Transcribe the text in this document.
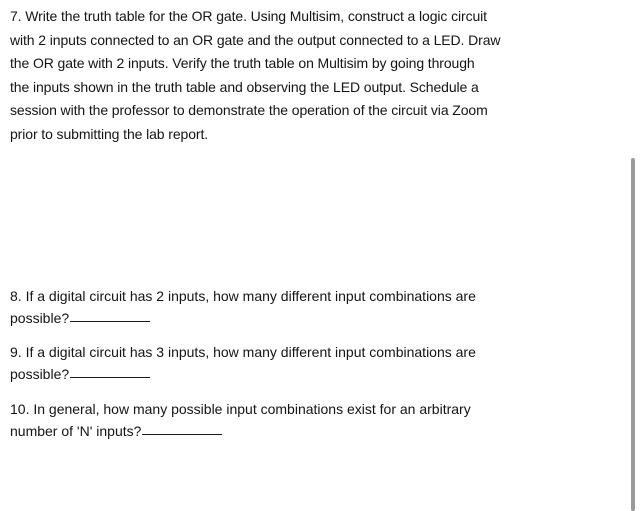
7. Write the truth table for the OR gate. Using Multisim, construct a logic circuit
with 2 inputs connected to an OR gate and the output connected to a LED. Draw
the OR gate with 2 inputs. Verify the truth table on Multisim by going through
the inputs shown in the truth table and observing the LED output. Schedule a
session with the professor to demonstrate the operation of the circuit via Zoom
prior to submitting the lab report.
8. If a digital circuit has 2 inputs, how many different input combinations are
possible?
9. If a digital circuit has 3 inputs, how many different input combinations are
possible?
10. In general, how many possible input combinations exist for an arbitrary
number of 'N' inputs?
